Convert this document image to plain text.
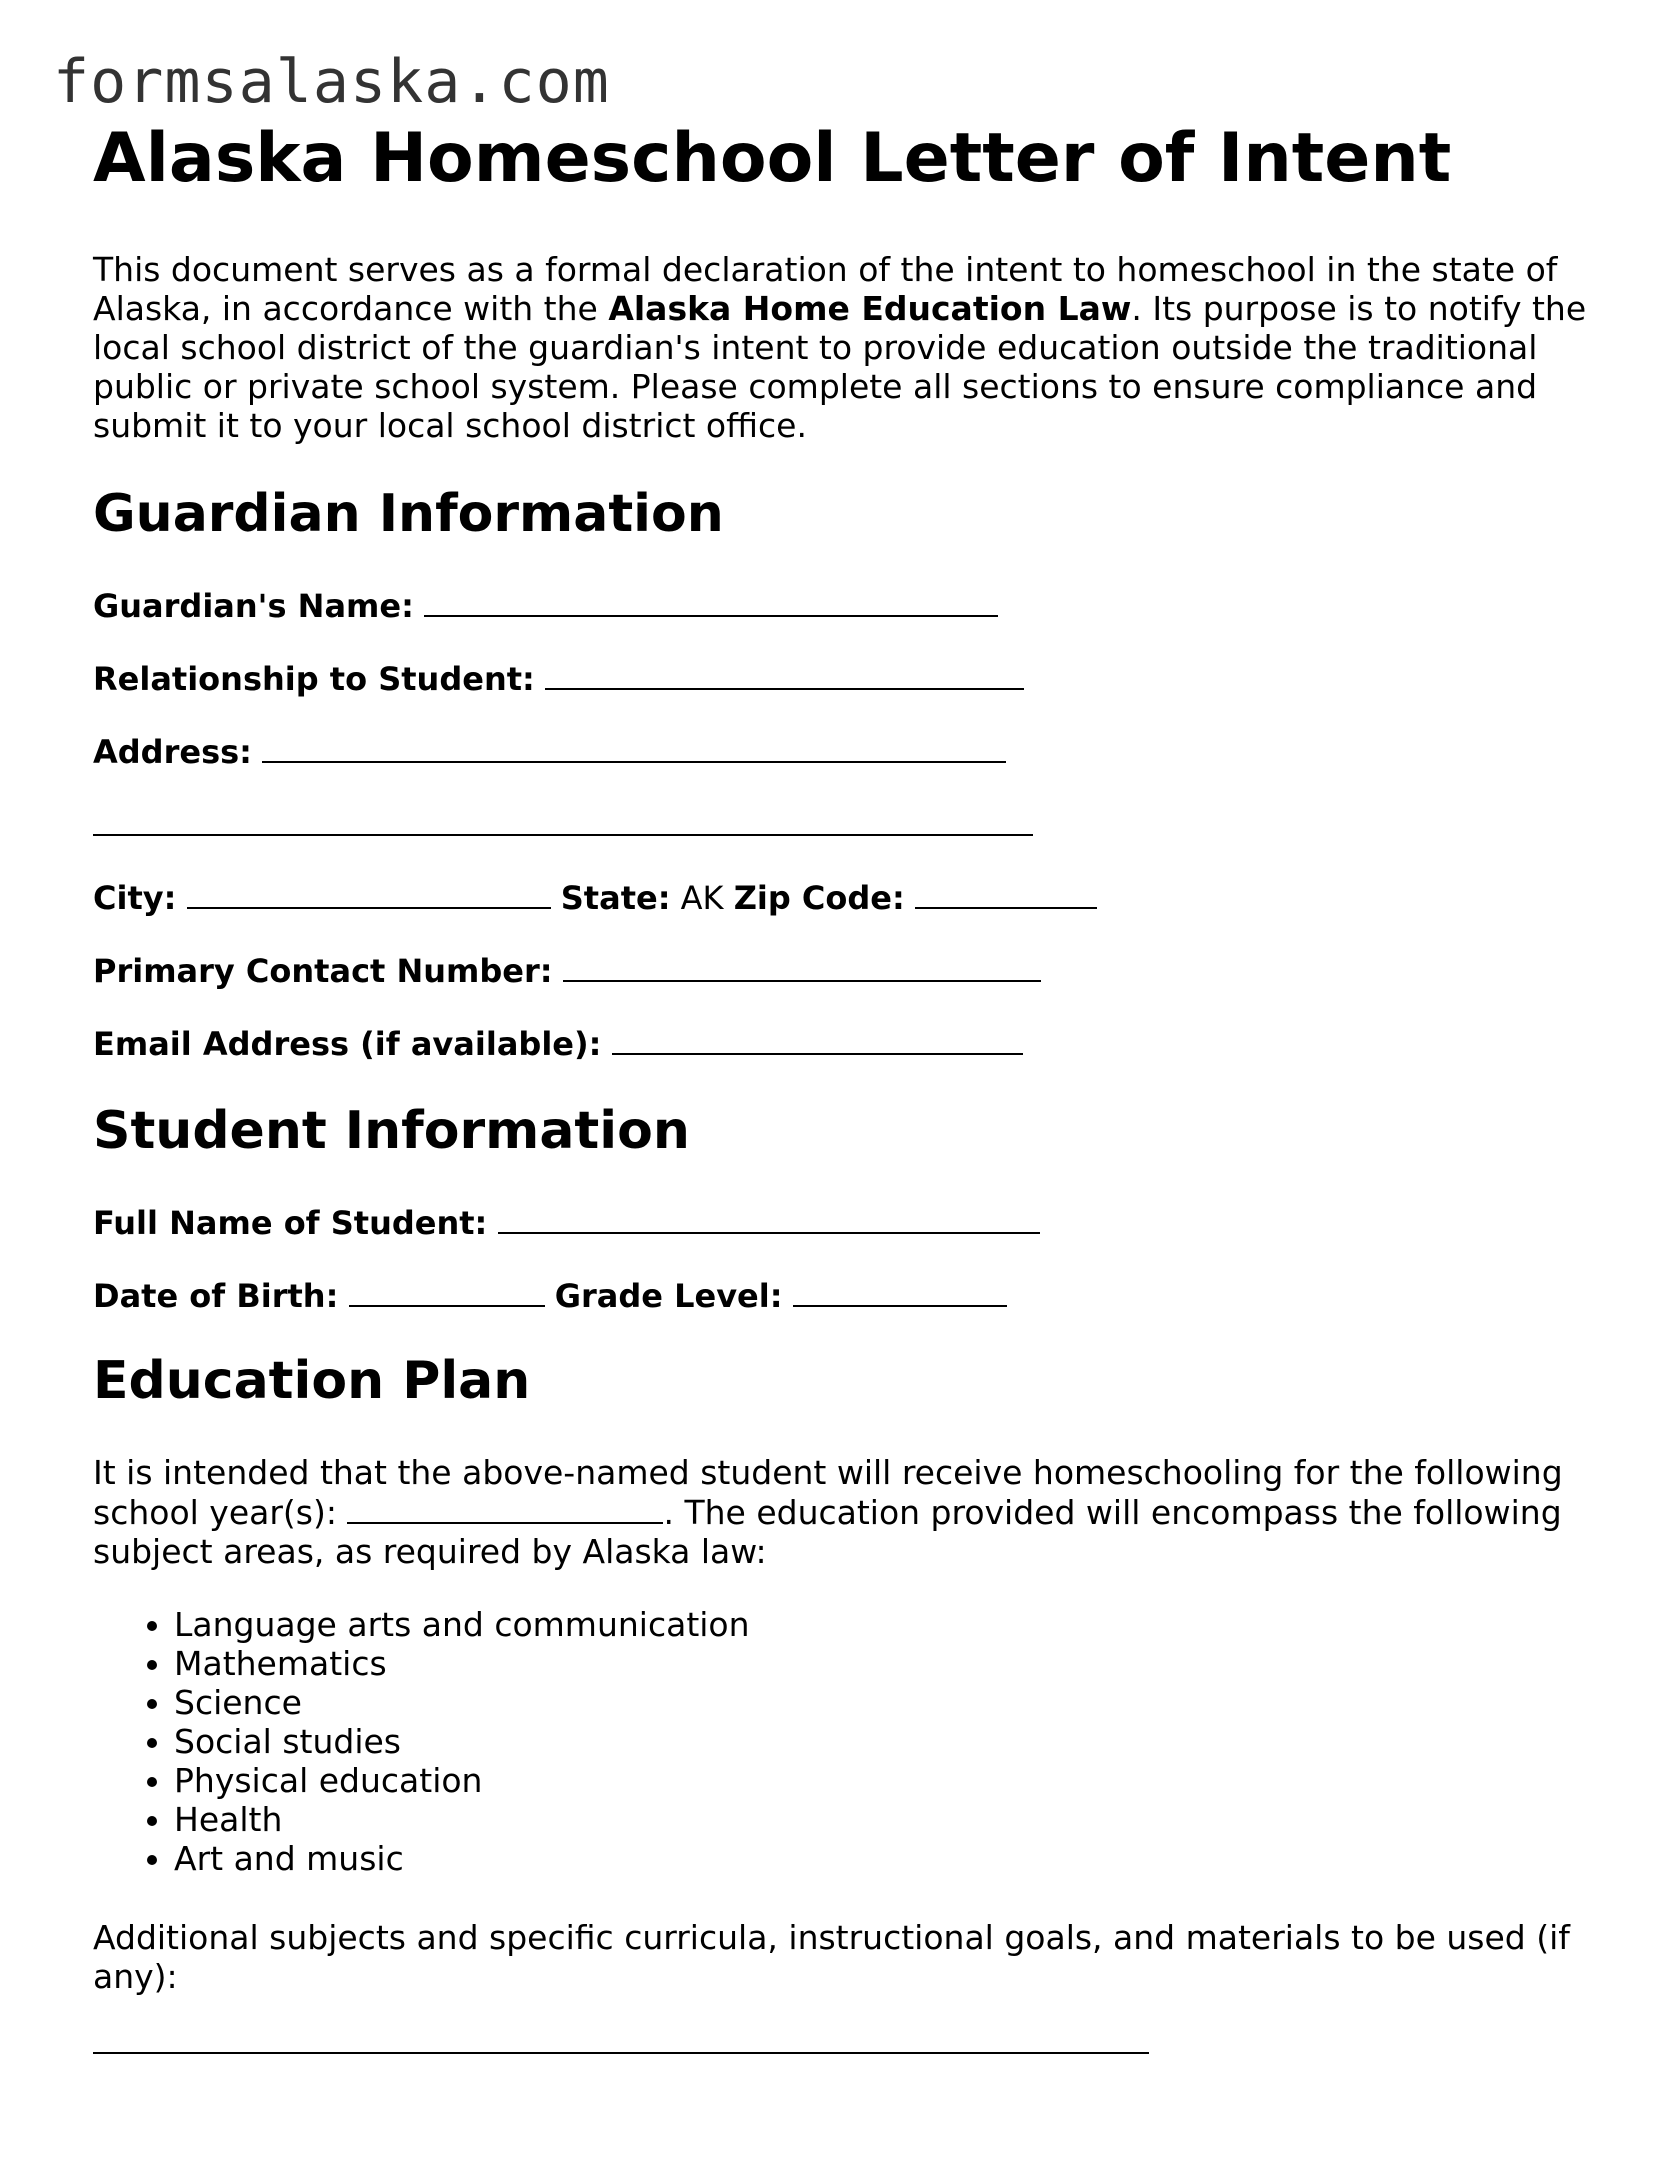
formsalaska.com
Alaska Homeschool Letter of Intent

This document serves as a formal declaration of the intent to homeschool in the state of Alaska, in accordance with the Alaska Home Education Law. Its purpose is to notify the local school district of the guardian's intent to provide education outside the traditional public or private school system. Please complete all sections to ensure compliance and submit it to your local school district office.

Guardian Information
Guardian's Name:
Relationship to Student:
Address:
City:	State: AK Zip Code:
Primary Contact Number:
Email Address (if available):
Student Information
Full Name of Student:
Date of Birth:	Grade Level:
Education Plan

It is intended that the above-named student will receive homeschooling for the following school year(s):	. The education provided will encompass the following subject areas, as required by Alaska law:

• Language arts and communication
• Mathematics
• Science
• Social studies
• Physical education
• Health
• Art and music

Additional subjects and specific curricula, instructional goals, and materials to be used (if any):
